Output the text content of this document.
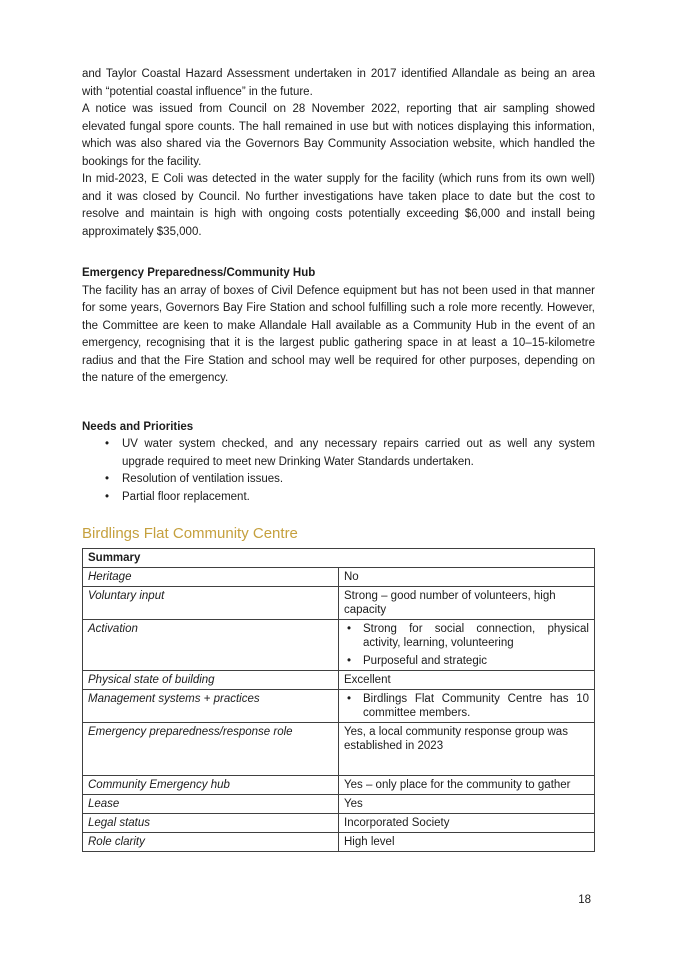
and Taylor Coastal Hazard Assessment undertaken in 2017 identified Allandale as being an area with “potential coastal influence” in the future.

A notice was issued from Council on 28 November 2022, reporting that air sampling showed elevated fungal spore counts. The hall remained in use but with notices displaying this information, which was also shared via the Governors Bay Community Association website, which handled the bookings for the facility.

In mid-2023, E Coli was detected in the water supply for the facility (which runs from its own well) and it was closed by Council. No further investigations have taken place to date but the cost to resolve and maintain is high with ongoing costs potentially exceeding $6,000 and install being approximately $35,000.

Emergency Preparedness/Community Hub

The facility has an array of boxes of Civil Defence equipment but has not been used in that manner for some years, Governors Bay Fire Station and school fulfilling such a role more recently. However, the Committee are keen to make Allandale Hall available as a Community Hub in the event of an emergency, recognising that it is the largest public gathering space in at least a 10–15-kilometre radius and that the Fire Station and school may well be required for other purposes, depending on the nature of the emergency.

Needs and Priorities

•	UV water system checked, and any necessary repairs carried out as well any system upgrade required to meet new Drinking Water Standards undertaken.
•	Resolution of ventilation issues.
•	Partial floor replacement.
Birdlings Flat Community Centre
Summary	
Heritage	No
Voluntary input	Strong – good number of volunteers, high capacity
Activation	• Strong for social connection, physical activity, learning, volunteering
• Purposeful and strategic

Physical state of building	Excellent
Management systems + practices	• Birdlings Flat Community Centre has 10 committee members.

Emergency preparedness/response role	Yes, a local community response group was established in 2023
Community Emergency hub	Yes – only place for the community to gather
Lease	Yes
Legal status	Incorporated Society
Role clarity	High level
18
